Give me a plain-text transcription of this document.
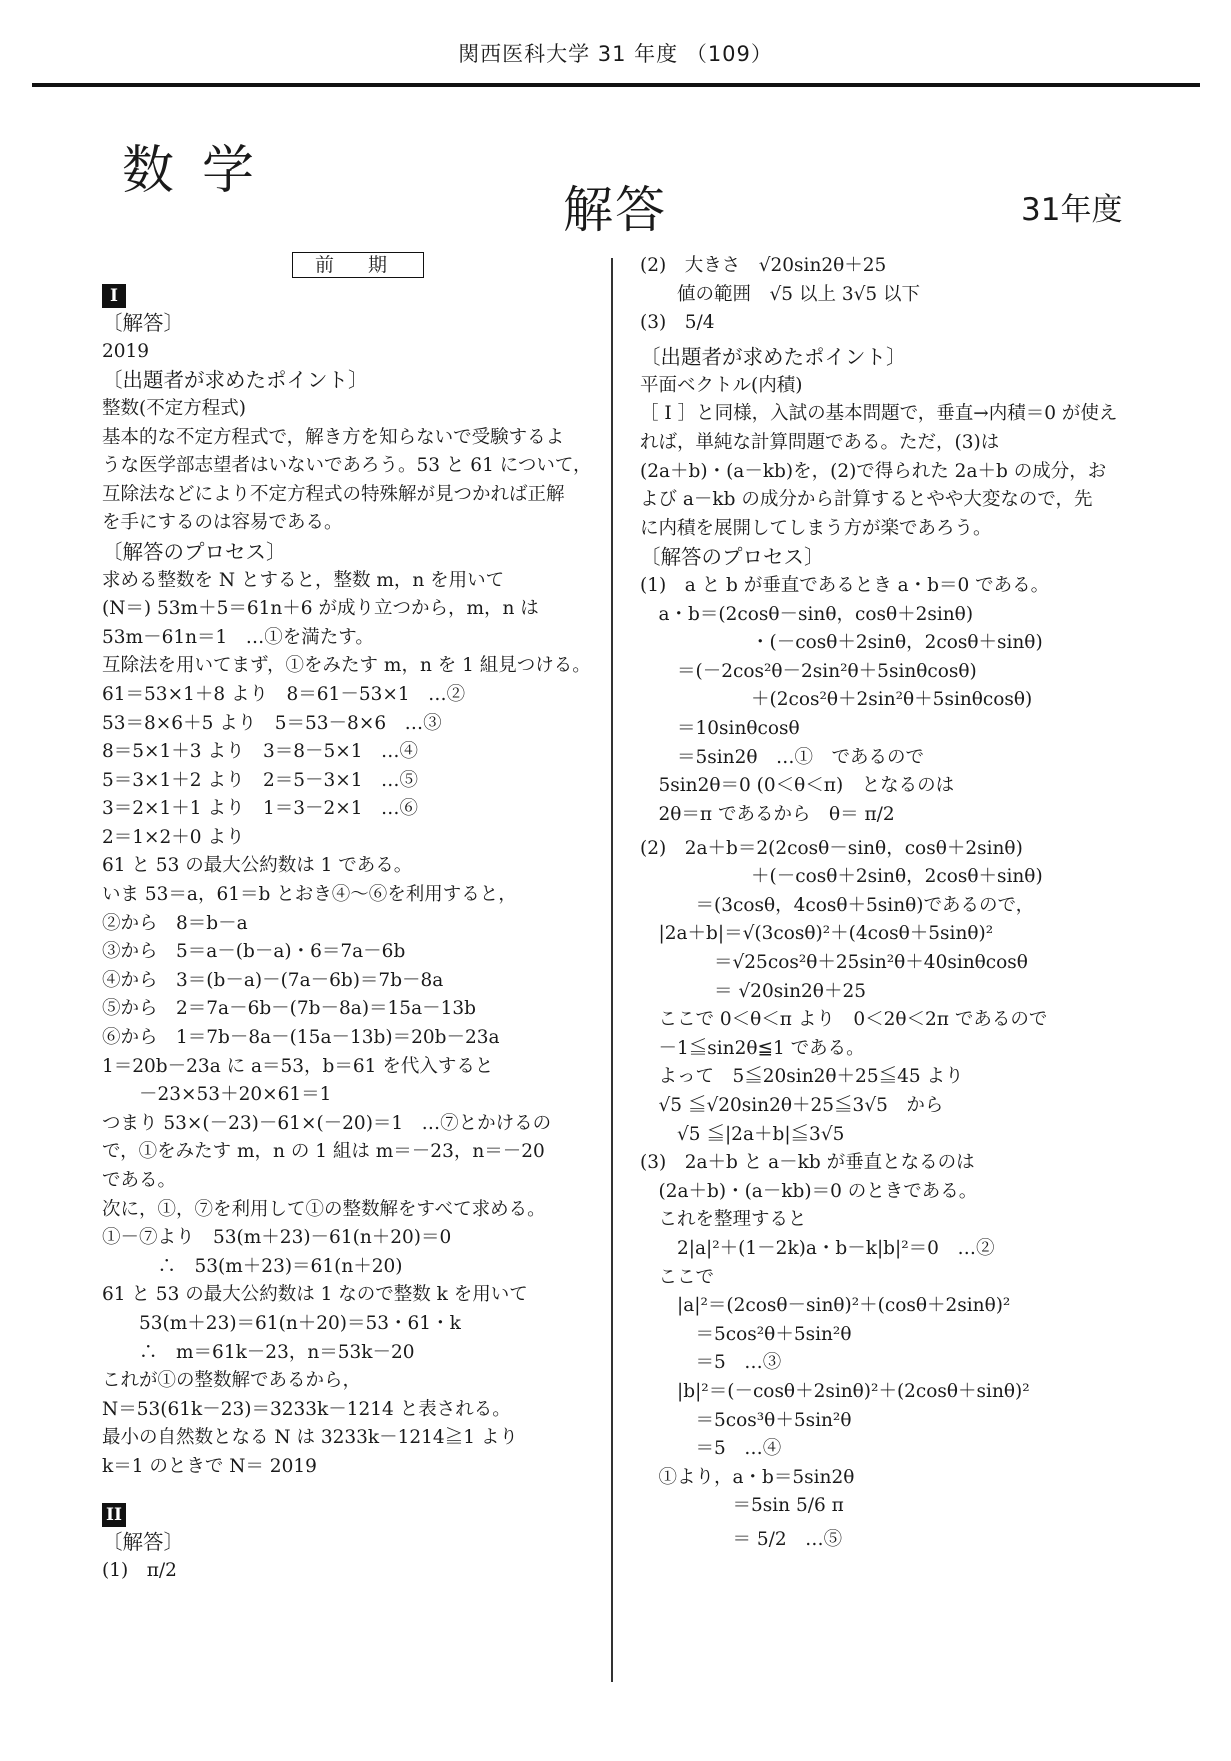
関西医科大学 31 年度 （109）
数学
解答	31年度
前 期
I
〔解答〕
2019
〔出題者が求めたポイント〕
整数(不定方程式)
基本的な不定方程式で，解き方を知らないで受験するよ
うな医学部志望者はいないであろう。53 と 61 について，
互除法などにより不定方程式の特殊解が見つかれば正解
を手にするのは容易である。
〔解答のプロセス〕
求める整数を N とすると，整数 m，n を用いて
(N＝) 53m＋5＝61n＋6 が成り立つから，m，n は
53m－61n＝1　…①を満たす。
互除法を用いてまず，①をみたす m，n を 1 組見つける。
61＝53×1＋8 より　8＝61－53×1　…②
53＝8×6＋5 より　5＝53－8×6　…③
8＝5×1＋3 より　3＝8－5×1　…④
5＝3×1＋2 より　2＝5－3×1　…⑤
3＝2×1＋1 より　1＝3－2×1　…⑥
2＝1×2＋0 より
61 と 53 の最大公約数は 1 である。
いま 53＝a，61＝b とおき④～⑥を利用すると，
②から　8＝b－a
③から　5＝a－(b－a)・6＝7a－6b
④から　3＝(b－a)－(7a－6b)＝7b－8a
⑤から　2＝7a－6b－(7b－8a)＝15a－13b
⑥から　1＝7b－8a－(15a－13b)＝20b－23a
1＝20b－23a に a＝53，b＝61 を代入すると
　　－23×53＋20×61＝1
つまり 53×(－23)－61×(－20)＝1　…⑦とかけるの
で，①をみたす m，n の 1 組は m＝－23，n＝－20
である。
次に，①，⑦を利用して①の整数解をすべて求める。
①－⑦より　53(m＋23)－61(n＋20)＝0
　　　∴　53(m＋23)＝61(n＋20)
61 と 53 の最大公約数は 1 なので整数 k を用いて
　　53(m＋23)＝61(n＋20)＝53・61・k
　　∴　m＝61k－23，n＝53k－20
これが①の整数解であるから，
N＝53(61k－23)＝3233k－1214 と表される。
最小の自然数となる N は 3233k－1214≧1 より
k＝1 のときで N＝ 2019
II
〔解答〕
(1)　π/2
(2)　大きさ　√20sin2θ＋25
　　値の範囲　√5 以上 3√5 以下
(3)　5/4
〔出題者が求めたポイント〕
平面ベクトル(内積)
［ I ］と同様，入試の基本問題で，垂直→内積＝0 が使え
れば，単純な計算問題である。ただ，(3)は
(2a＋b)・(a－kb)を，(2)で得られた 2a＋b の成分，お
よび a－kb の成分から計算するとやや大変なので，先
に内積を展開してしまう方が楽であろう。
〔解答のプロセス〕
(1)　a と b が垂直であるとき a・b＝0 である。
　a・b＝(2cosθ－sinθ，cosθ＋2sinθ)
　　　　　　・(－cosθ＋2sinθ，2cosθ＋sinθ)
　　＝(－2cos²θ－2sin²θ＋5sinθcosθ)
　　　　　　＋(2cos²θ＋2sin²θ＋5sinθcosθ)
　　＝10sinθcosθ
　　＝5sin2θ　…①　であるので
　5sin2θ＝0 (0＜θ＜π)　となるのは
　2θ＝π であるから　θ＝ π/2
(2)　2a＋b＝2(2cosθ－sinθ，cosθ＋2sinθ)
　　　　　　＋(－cosθ＋2sinθ，2cosθ＋sinθ)
　　　＝(3cosθ，4cosθ＋5sinθ)であるので，
　|2a＋b|＝√(3cosθ)²＋(4cosθ＋5sinθ)²
　　　　＝√25cos²θ＋25sin²θ＋40sinθcosθ
　　　　＝ √20sin2θ＋25
　ここで 0＜θ＜π より　0＜2θ＜2π であるので
　－1≦sin2θ≦1 である。
　よって　5≦20sin2θ＋25≦45 より
　√5 ≦√20sin2θ＋25≦3√5　から
　　√5 ≦|2a＋b|≦3√5
(3)　2a＋b と a－kb が垂直となるのは
　(2a＋b)・(a－kb)＝0 のときである。
　これを整理すると
　　2|a|²＋(1－2k)a・b－k|b|²＝0　…②
　ここで
　　|a|²＝(2cosθ－sinθ)²＋(cosθ＋2sinθ)²
　　　＝5cos²θ＋5sin²θ
　　　＝5　…③
　　|b|²＝(－cosθ＋2sinθ)²＋(2cosθ＋sinθ)²
　　　＝5cos³θ＋5sin²θ
　　　＝5　…④
　①より，a・b＝5sin2θ
　　　　　＝5sin 5/6 π
　　　　　＝ 5/2　…⑤
